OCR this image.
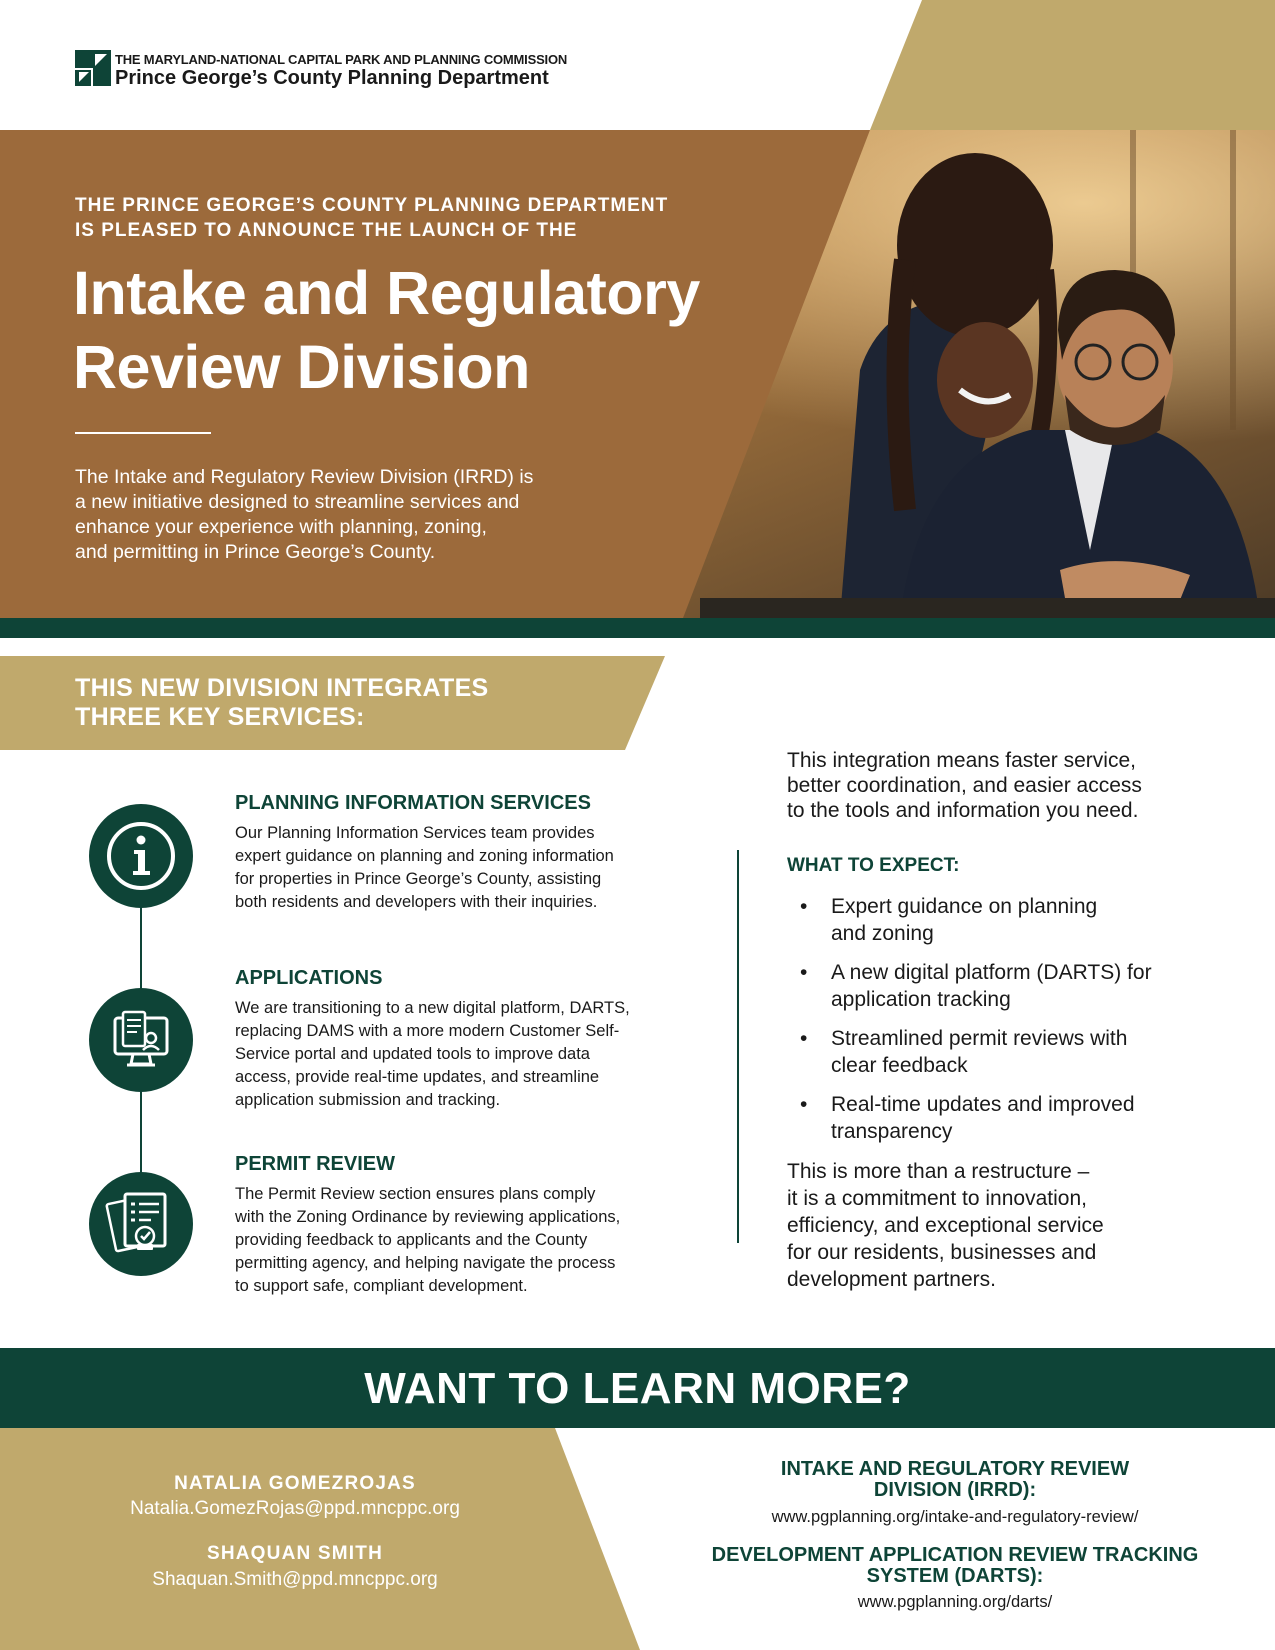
THE MARYLAND-NATIONAL CAPITAL PARK AND PLANNING COMMISSION
Prince George’s County Planning Department
THE PRINCE GEORGE’S COUNTY PLANNING DEPARTMENT
IS PLEASED TO ANNOUNCE THE LAUNCH OF THE
Intake and Regulatory
Review Division
The Intake and Regulatory Review Division (IRRD) is
a new initiative designed to streamline services and
enhance your experience with planning, zoning,
and permitting in Prince George’s County.
THIS NEW DIVISION INTEGRATES
THREE KEY SERVICES:
PLANNING INFORMATION SERVICES
Our Planning Information Services team provides
expert guidance on planning and zoning information
for properties in Prince George’s County, assisting
both residents and developers with their inquiries.
APPLICATIONS
We are transitioning to a new digital platform, DARTS,
replacing DAMS with a more modern Customer Self-
Service portal and updated tools to improve data
access, provide real-time updates, and streamline
application submission and tracking.
PERMIT REVIEW
The Permit Review section ensures plans comply
with the Zoning Ordinance by reviewing applications,
providing feedback to applicants and the County
permitting agency, and helping navigate the process
to support safe, compliant development.
This integration means faster service,
better coordination, and easier access
to the tools and information you need.
WHAT TO EXPECT:
• Expert guidance on planning
and zoning
• A new digital platform (DARTS) for
application tracking
• Streamlined permit reviews with
clear feedback
• Real-time updates and improved
transparency
This is more than a restructure –
it is a commitment to innovation,
efficiency, and exceptional service
for our residents, businesses and
development partners.
WANT TO LEARN MORE?
NATALIA GOMEZROJAS
Natalia.GomezRojas@ppd.mncppc.org
SHAQUAN SMITH
Shaquan.Smith@ppd.mncppc.org
INTAKE AND REGULATORY REVIEW
DIVISION (IRRD):
www.pgplanning.org/intake-and-regulatory-review/
DEVELOPMENT APPLICATION REVIEW TRACKING
SYSTEM (DARTS):
www.pgplanning.org/darts/
